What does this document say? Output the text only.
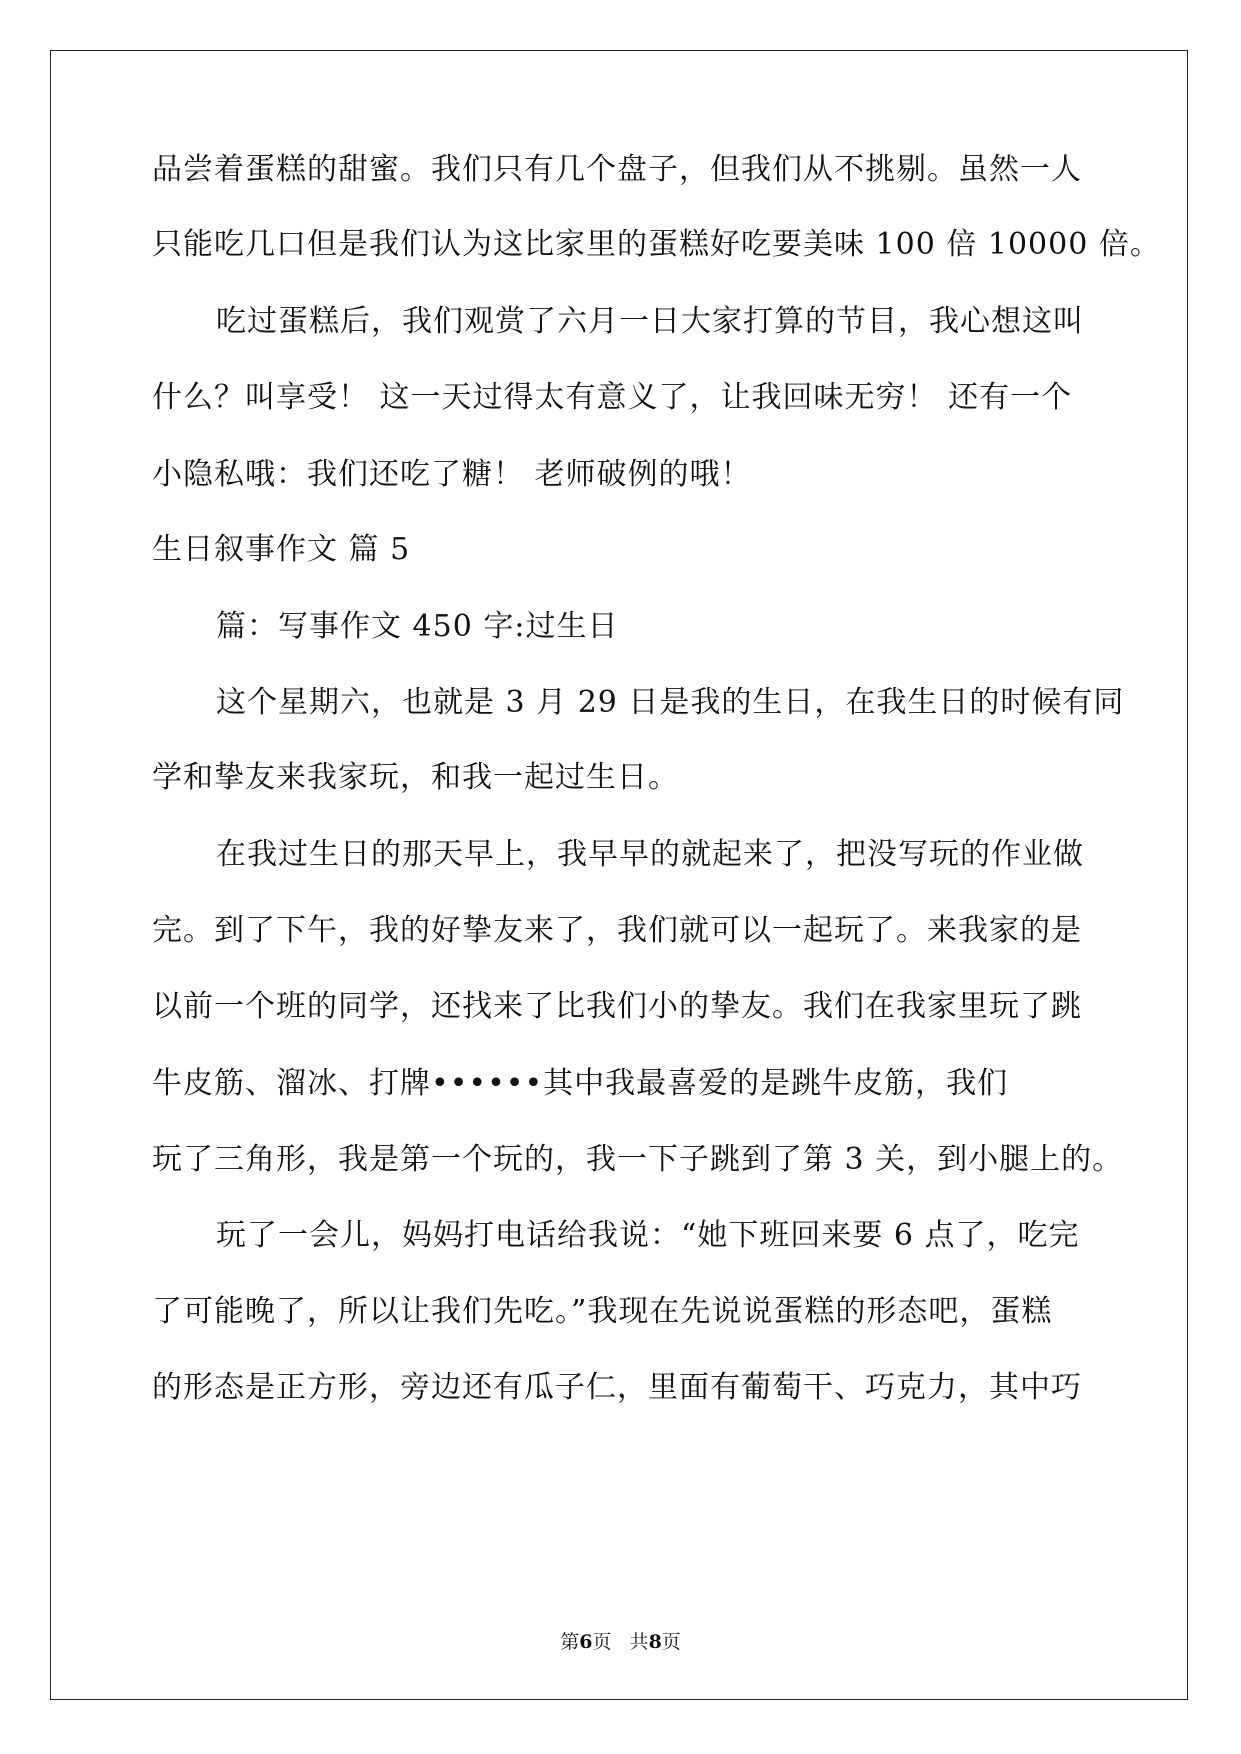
品尝着蛋糕的甜蜜。我们只有几个盘子，但我们从不挑剔。虽然一人
只能吃几口但是我们认为这比家里的蛋糕好吃要美味 100 倍 10000 倍。
吃过蛋糕后，我们观赏了六月一日大家打算的节目，我心想这叫
什么？叫享受！ 这一天过得太有意义了，让我回味无穷！ 还有一个
小隐私哦：我们还吃了糖！ 老师破例的哦！
生日叙事作文 篇 5
篇：写事作文 450 字:过生日
这个星期六，也就是 3 月 29 日是我的生日，在我生日的时候有同
学和挚友来我家玩，和我一起过生日。
在我过生日的那天早上，我早早的就起来了，把没写玩的作业做
完。到了下午，我的好挚友来了，我们就可以一起玩了。来我家的是
以前一个班的同学，还找来了比我们小的挚友。我们在我家里玩了跳
牛皮筋、溜冰、打牌••••••其中我最喜爱的是跳牛皮筋，我们
玩了三角形，我是第一个玩的，我一下子跳到了第 3 关，到小腿上的。
玩了一会儿，妈妈打电话给我说：“她下班回来要 6 点了，吃完
了可能晚了，所以让我们先吃。”我现在先说说蛋糕的形态吧，蛋糕
的形态是正方形，旁边还有瓜子仁，里面有葡萄干、巧克力，其中巧
第6页   共8页
